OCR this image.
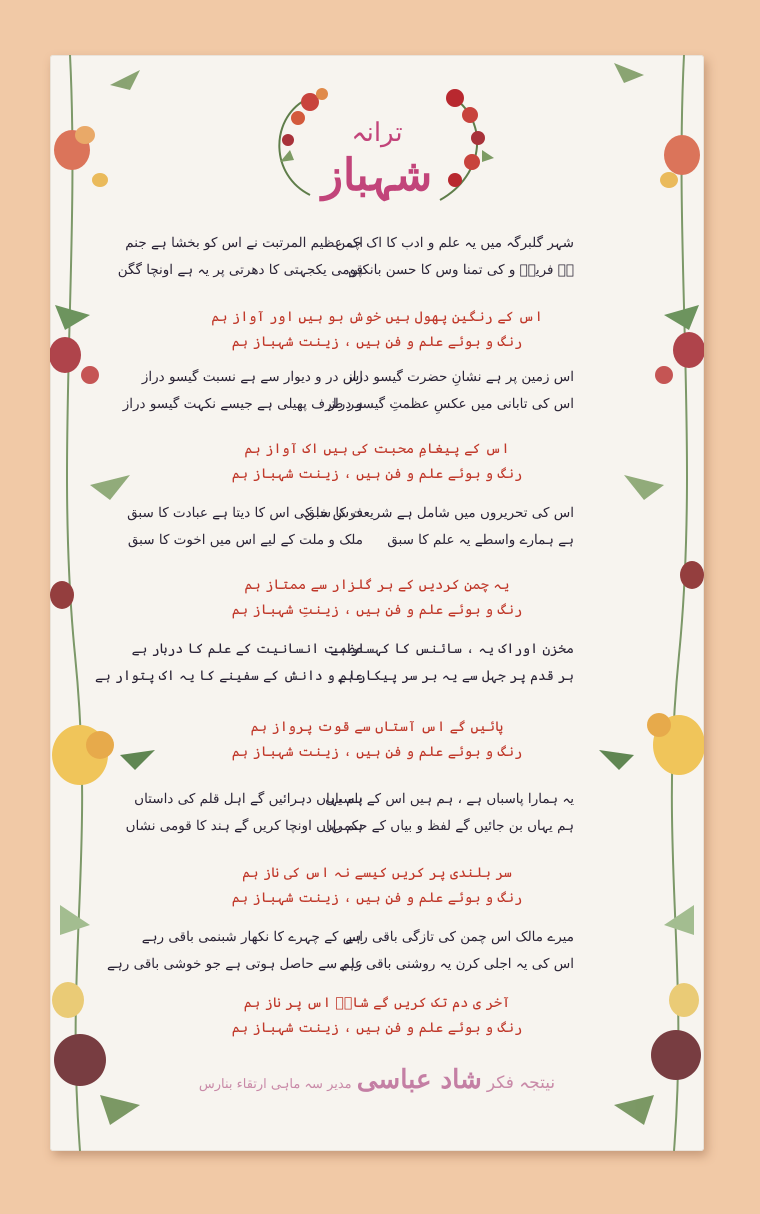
ترانہ
شہباز
شہر گلبرگہ میں یہ علم و ادب کا اک چمن
اک عظیم المرتبت نے اس کو بخشا ہے جنم
ہے فریدؔ و کی تمنا وس کا حسن بانکپن
قومی یکجہتی کا دھرتی پر یہ ہے اونچا گگن
اس کے رنگین پھول ہیں خوش بو ہیں اور آواز ہم
رنگ و بوئے علم و فن ہیں ، زینت شہباز ہم
اس زمین پر ہے نشانِ حضرت گیسو دراز
اس در و دیوار سے ہے نسبت گیسو دراز
اس کی تابانی میں عکسِ عظمتِ گیسو دراز
ہر طرف پھیلی ہے جیسے نکہت گیسو دراز
اس کے پیغامِ محبت کی ہیں اک آواز ہم
رنگ و بوئے علم و فن ہیں ، زینت شہباز ہم
اس کی تحریروں میں شامل ہے شریعت کا سبق
فرش خا کی اس کا دیتا ہے عبادت کا سبق
ہے ہمارے واسطے یہ علم کا سبق
ملک و ملت کے لیے اس میں اخوت کا سبق
یہ چمن کردیں کے ہر گلزار سے ممتاز ہم
رنگ و بوئے علم و فن ہیں ، زینتِ شہباز ہم
مخزن اوراک یہ ، سائنس کا کہسار ہے
عظمت انسانیت کے علم کا دربار ہے
ہر قدم پر جہل سے یہ بر سر پیکار ہے
علم و دانش کے سفینے کا یہ اک پتوار ہے
پائیں گے اس آستاں سے قوت پرواز ہم
رنگ و بوئے علم و فن ہیں ، زینت شہباز ہم
یہ ہمارا پاسباں ہے ، ہم ہیں اس کے پاسباں
ہم یہاں دہرائیں گے اہل قلم کی داستاں
ہم یہاں بن جائیں گے لفظ و بیاں کے حکمراں
ہم یہاں اونچا کریں گے ہند کا قومی نشاں
سر بلندی پر کریں کیسے نہ اس کی ناز ہم
رنگ و بوئے علم و فن ہیں ، زینت شہباز ہم
میرے مالک اس چمن کی تازگی باقی رہے
اس کے چہرے کا نکھار شبنمی باقی رہے
اس کی یہ اجلی کرن یہ روشنی باقی رہے
علم سے حاصل ہوتی ہے جو خوشی باقی رہے
آخر ی دم تک کریں گے شادؔ اس پر ناز ہم
رنگ و بوئے علم و فن ہیں ، زینت شہباز ہم
نیتجہ فکر شاد عباسی مدیر سہ ماہی ارتقاء بنارس
